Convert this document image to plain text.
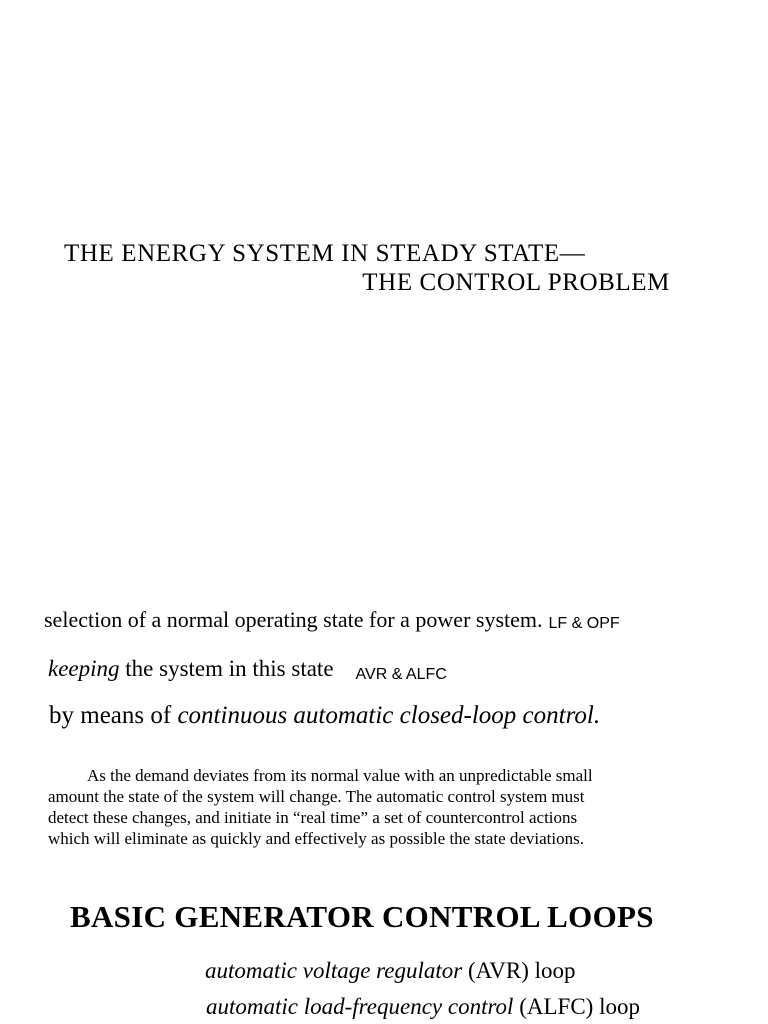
THE ENERGY SYSTEM IN STEADY STATE—
THE CONTROL PROBLEM
selection of a normal operating state for a power system. LF & OPF
keeping the system in this state AVR & ALFC
by means of continuous automatic closed-loop control.
As the demand deviates from its normal value with an unpredictable small
amount the state of the system will change. The automatic control system must
detect these changes, and initiate in “real time” a set of countercontrol actions
which will eliminate as quickly and effectively as possible the state deviations.
BASIC GENERATOR CONTROL LOOPS
automatic voltage regulator (AVR) loop
automatic load-frequency control (ALFC) loop
